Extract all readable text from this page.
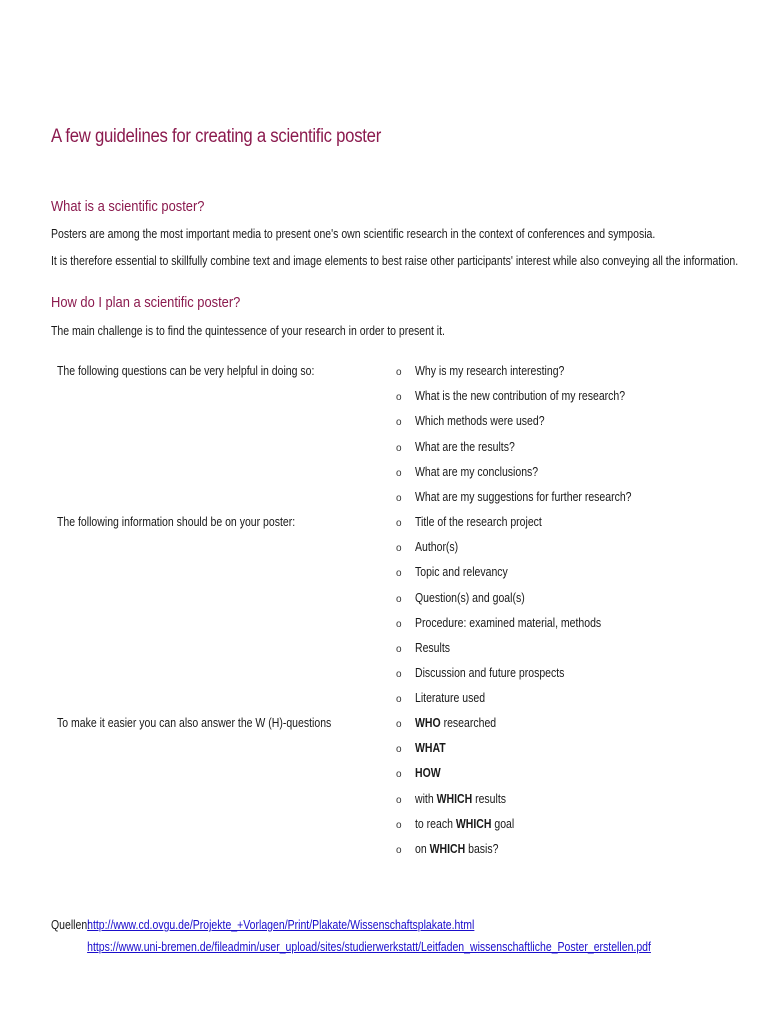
A few guidelines for creating a scientific poster
What is a scientific poster?

Posters are among the most important media to present one's own scientific research in the context of conferences and symposia.

It is therefore essential to skillfully combine text and image elements to best raise other participants' interest while also conveying all the information.

How do I plan a scientific poster?

The main challenge is to find the quintessence of your research in order to present it.

The following questions can be very helpful in doing so:	o	Why is my research interesting?
o	What is the new contribution of my research?
o	Which methods were used?
o	What are the results?
o	What are my conclusions?
o	What are my suggestions for further research?

The following information should be on your poster:	o	Title of the research project
o	Author(s)
o	Topic and relevancy
o	Question(s) and goal(s)
o	Procedure: examined material, methods
o	Results
o	Discussion and future prospects
o	Literature used

To make it easier you can also answer the W (H)-questions	o	WHO researched
o	WHAT
o	HOW
o	with WHICH results
o	to reach WHICH goal
o	on WHICH basis?
Quellen:http://www.cd.ovgu.de/Projekte_+Vorlagen/Print/Plakate/Wissenschaftsplakate.html
https://www.uni-bremen.de/fileadmin/user_upload/sites/studierwerkstatt/Leitfaden_wissenschaftliche_Poster_erstellen.pdf
